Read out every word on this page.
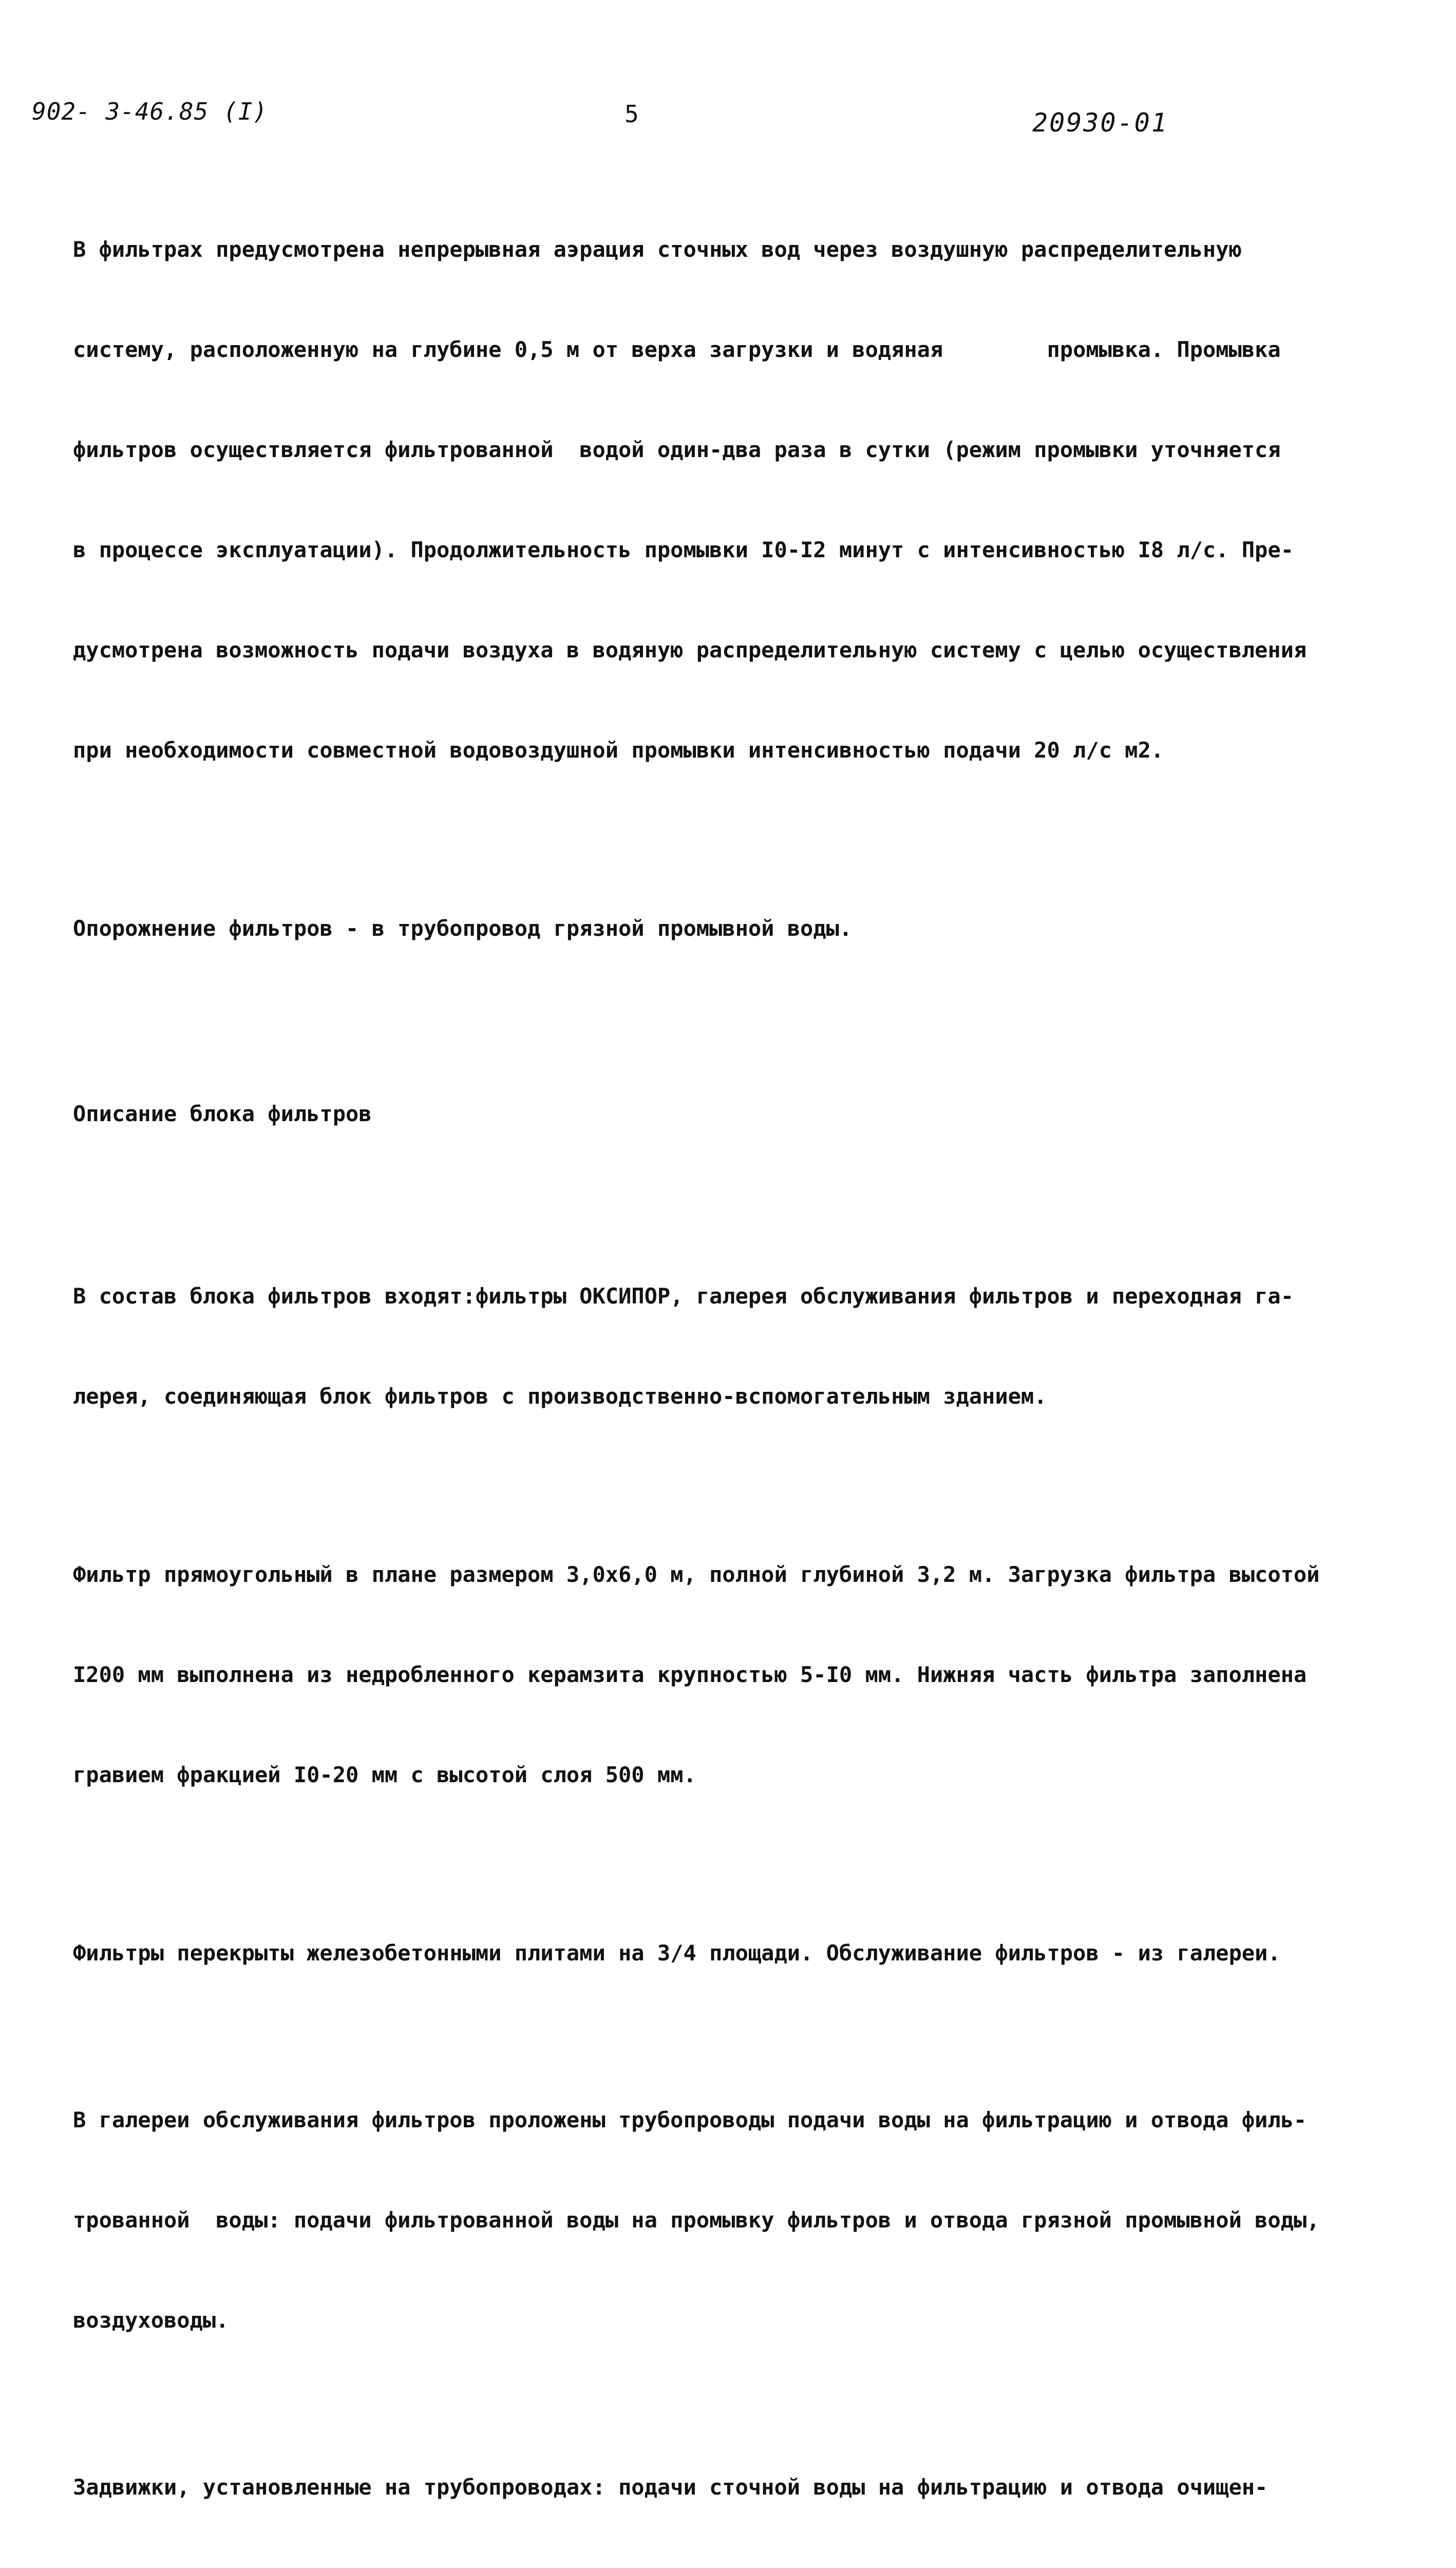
902- 3-46.85 (I)	5	20930-01

В фильтрах предусмотрена непрерывная аэрация сточных вод через воздушную распределительную

систему, расположенную на глубине 0,5 м от верха загрузки и водяная        промывка. Промывка

фильтров осуществляется фильтрованной  водой один-два раза в сутки (режим промывки уточняется

в процессе эксплуатации). Продолжительность промывки I0-I2 минут с интенсивностью I8 л/с. Пре-

дусмотрена возможность подачи воздуха в водяную распределительную систему с целью осуществления

при необходимости совместной водовоздушной промывки интенсивностью подачи 20 л/с м2.

Опорожнение фильтров - в трубопровод грязной промывной воды.

Описание блока фильтров

В состав блока фильтров входят:фильтры ОКСИПОР, галерея обслуживания фильтров и переходная га-

лерея, соединяющая блок фильтров с производственно-вспомогательным зданием.

Фильтр прямоугольный в плане размером 3,0х6,0 м, полной глубиной 3,2 м. Загрузка фильтра высотой

I200 мм выполнена из недробленного керамзита крупностью 5-I0 мм. Нижняя часть фильтра заполнена

гравием фракцией I0-20 мм с высотой слоя 500 мм.

Фильтры перекрыты железобетонными плитами на 3/4 площади. Обслуживание фильтров - из галереи.

В галереи обслуживания фильтров проложены трубопроводы подачи воды на фильтрацию и отвода филь-

трованной  воды: подачи фильтрованной воды на промывку фильтров и отвода грязной промывной воды,

воздуховоды.

Задвижки, установленные на трубопроводах: подачи сточной воды на фильтрацию и отвода очищен-
